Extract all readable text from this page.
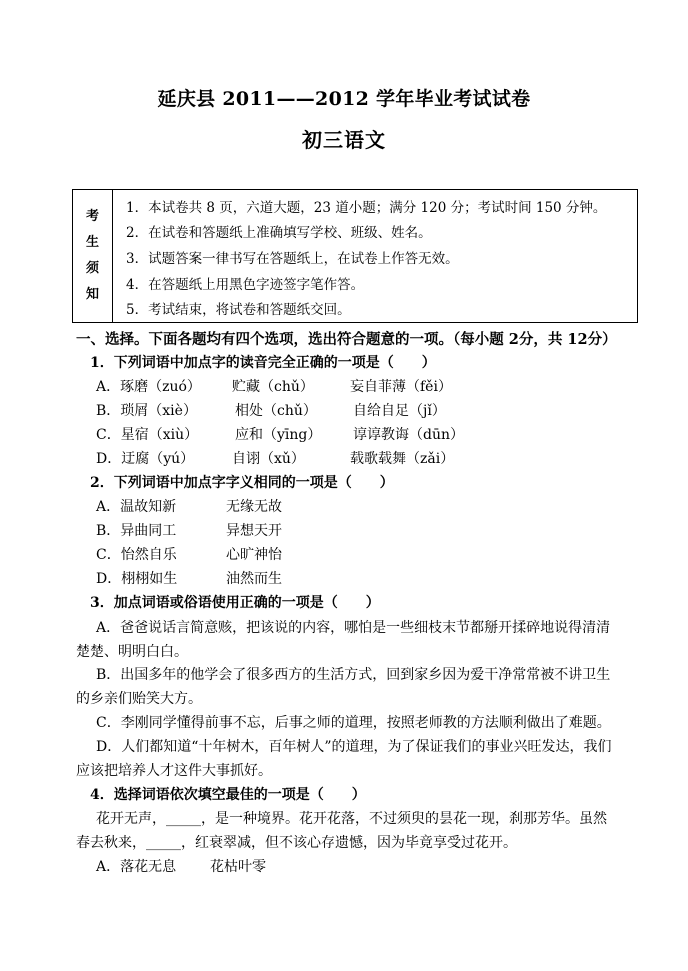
延庆县 2011——2012 学年毕业考试试卷
初三语文
考
生
须
知
1．本试卷共 8 页，六道大题，23 道小题；满分 120 分；考试时间 150 分钟。
2．在试卷和答题纸上准确填写学校、班级、姓名。
3．试题答案一律书写在答题纸上，在试卷上作答无效。
4．在答题纸上用黑色字迹签字笔作答。
5．考试结束，将试卷和答题纸交回。
一、选择。下面各题均有四个选项，选出符合题意的一项。（每小题 2分，共 12分）
1．下列词语中加点字的读音完全正确的一项是（　　）
A．琢磨（zuó） 贮藏（chǔ）	妄自菲薄（fěi）
B．琐屑（xiè）	相处（chǔ）	自给自足（jǐ）
C．星宿（xiù）	应和（yīng） 谆谆教诲（dūn）
D．迂腐（yú）	自诩（xǔ）	载歌载舞（zǎi）
2．下列词语中加点字字义相同的一项是（　　）
A．温故知新	无缘无故
B．异曲同工	异想天开
C．怡然自乐	心旷神怡
D．栩栩如生	油然而生
3．加点词语或俗语使用正确的一项是（　　）
A．爸爸说话言简意赅，把该说的内容，哪怕是一些细枝末节都掰开揉碎地说得清清
楚楚、明明白白。
B．出国多年的他学会了很多西方的生活方式，回到家乡因为爱干净常常被不讲卫生
的乡亲们贻笑大方。
C．李刚同学懂得前事不忘，后事之师的道理，按照老师教的方法顺利做出了难题。
D．人们都知道“十年树木，百年树人”的道理，为了保证我们的事业兴旺发达，我们
应该把培养人才这件大事抓好。
4．选择词语依次填空最佳的一项是（　　）
花开无声，_____，是一种境界。花开花落，不过须臾的昙花一现，刹那芳华。虽然
春去秋来，_____，红衰翠减，但不该心存遗憾，因为毕竟享受过花开。
A．落花无息 花枯叶零
